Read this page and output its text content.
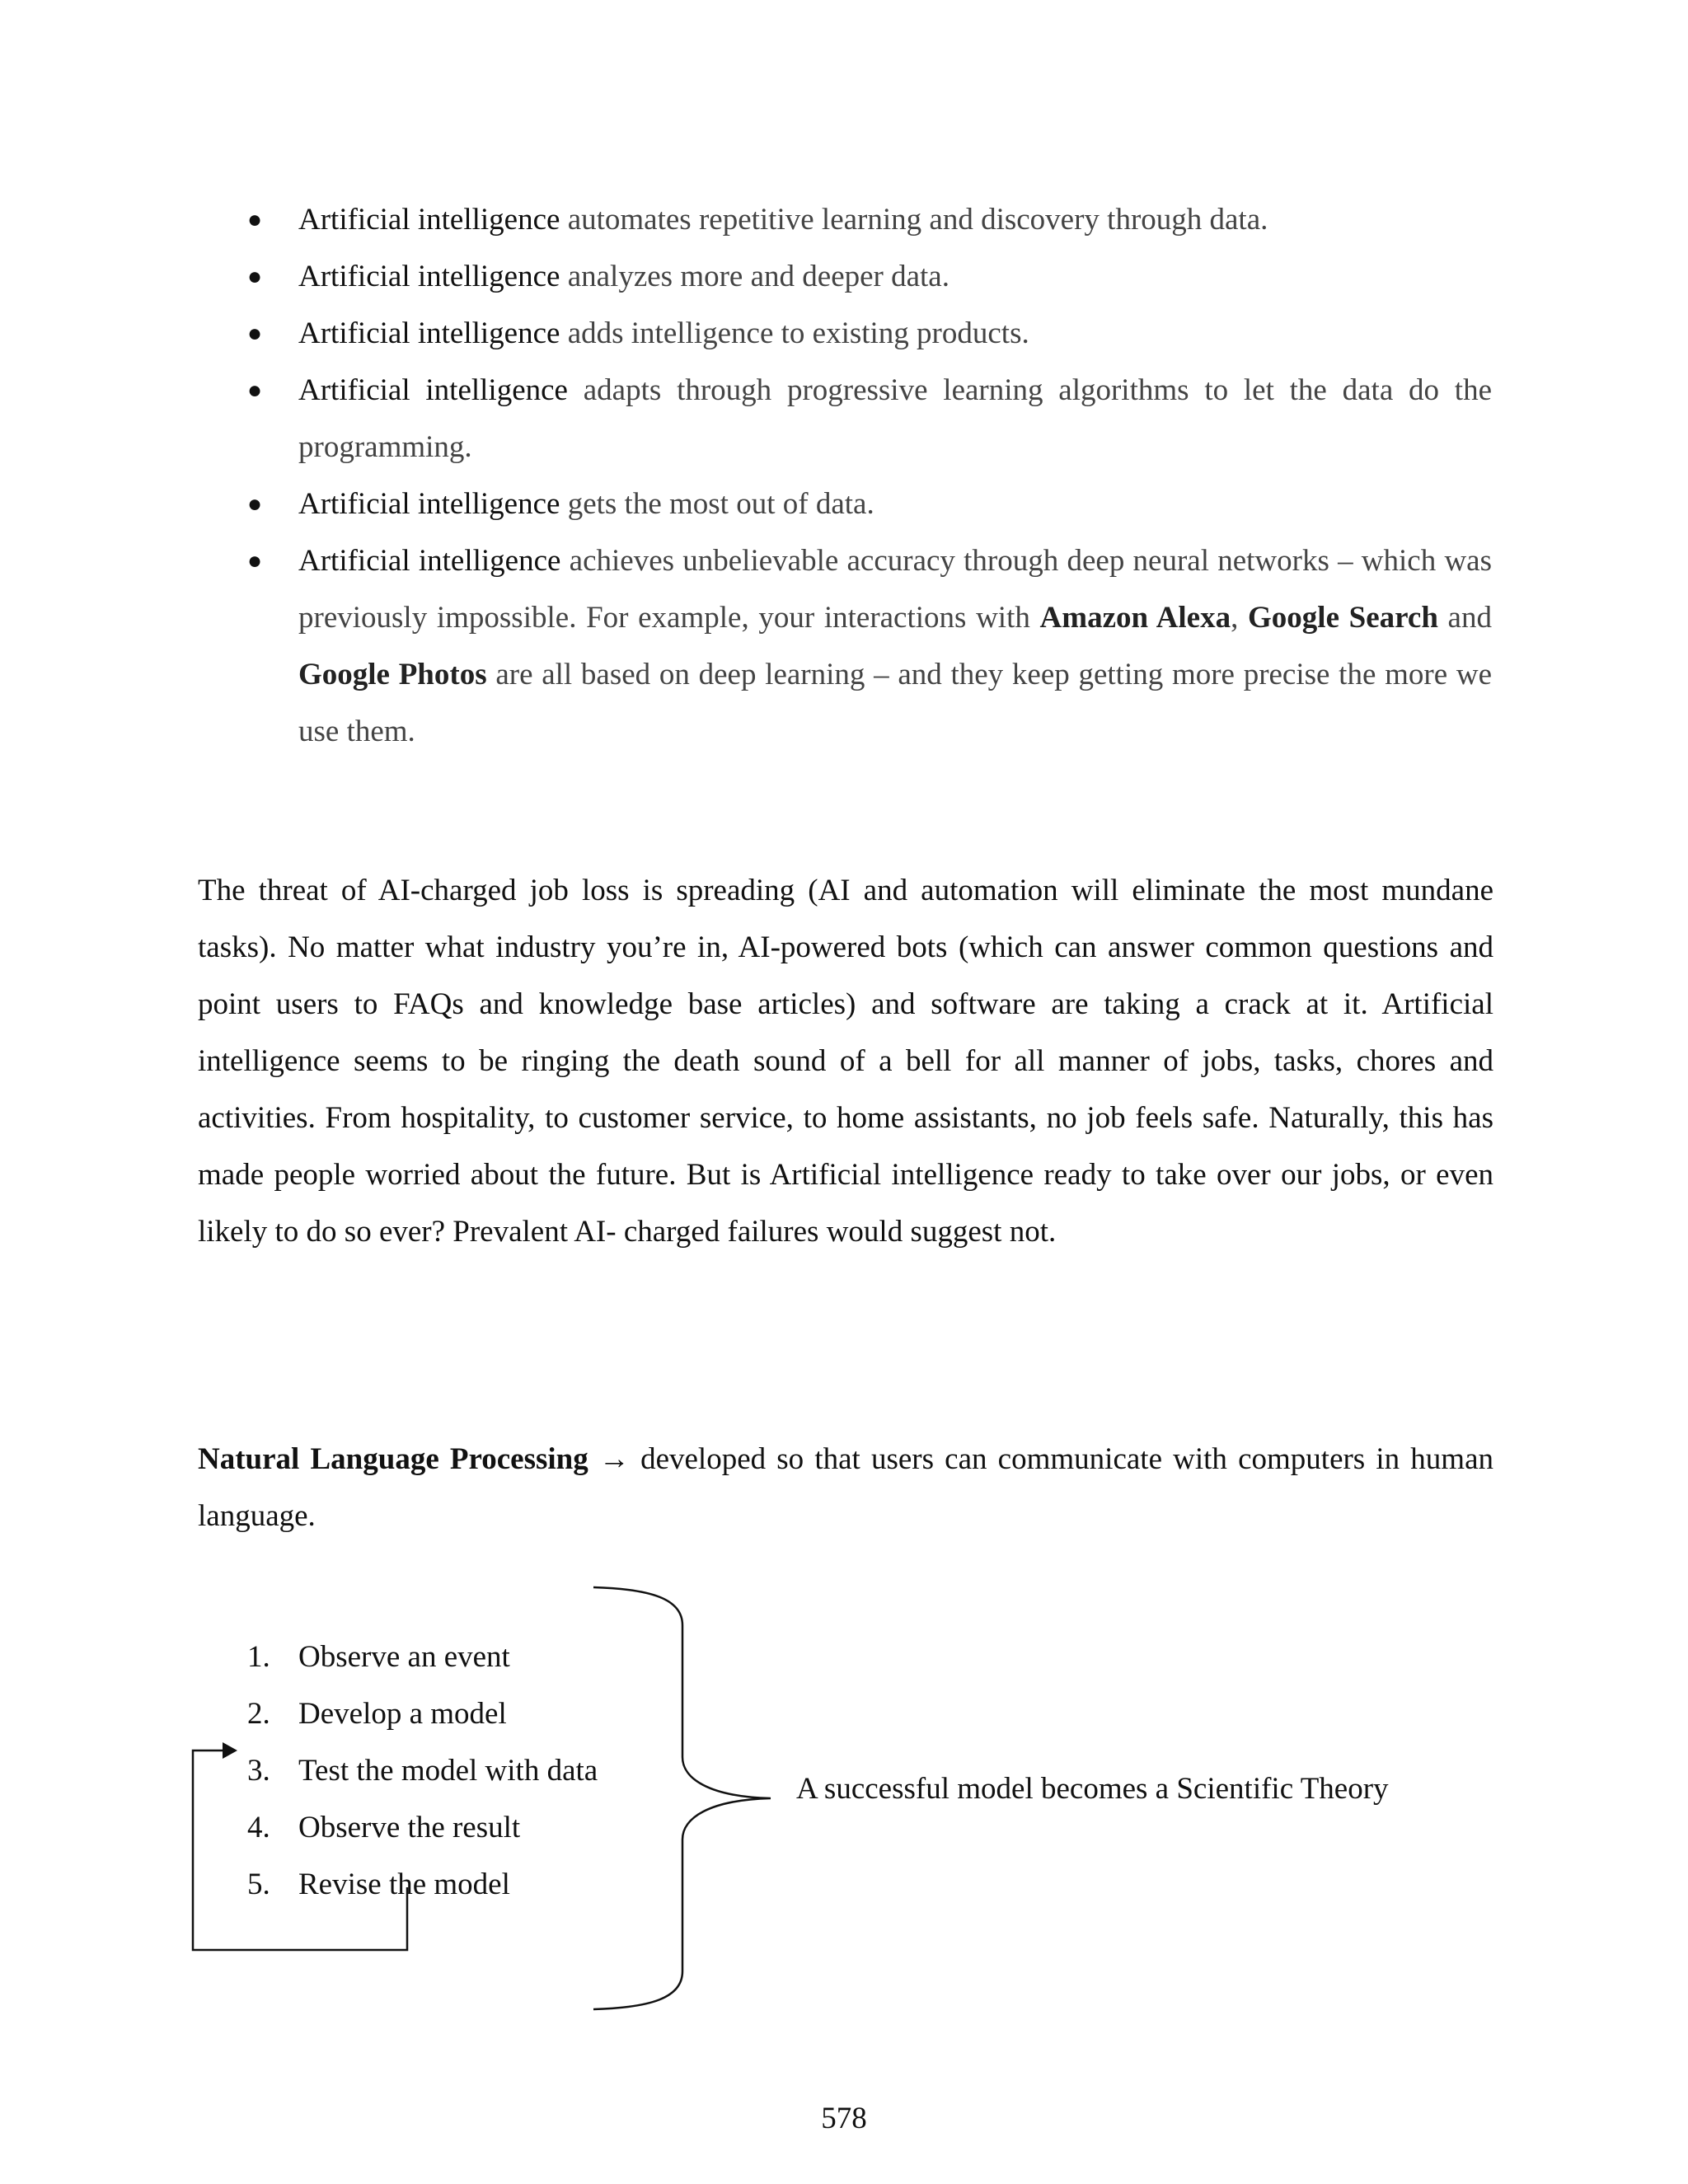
● Artificial intelligence automates repetitive learning and discovery through data.
● Artificial intelligence analyzes more and deeper data.
● Artificial intelligence adds intelligence to existing products.
● Artificial intelligence adapts through progressive learning algorithms to let the data do the programming.
● Artificial intelligence gets the most out of data.
● Artificial intelligence achieves unbelievable accuracy through deep neural networks – which was previously impossible. For example, your interactions with Amazon Alexa, Google Search and Google Photos are all based on deep learning – and they keep getting more precise the more we use them.

The threat of AI-charged job loss is spreading (AI and automation will eliminate the most mundane tasks). No matter what industry you’re in, AI-powered bots (which can answer common questions and point users to FAQs and knowledge base articles) and software are taking a crack at it. Artificial intelligence seems to be ringing the death sound of a bell for all manner of jobs, tasks, chores and activities. From hospitality, to customer service, to home assistants, no job feels safe. Naturally, this has made people worried about the future. But is Artificial intelligence ready to take over our jobs, or even likely to do so ever? Prevalent AI- charged failures would suggest not.

Natural Language Processing → developed so that users can communicate with computers in human language.

1. Observe an event
2. Develop a model
3. Test the model with data
4. Observe the result
5. Revise the model
A successful model becomes a Scientific Theory
578
